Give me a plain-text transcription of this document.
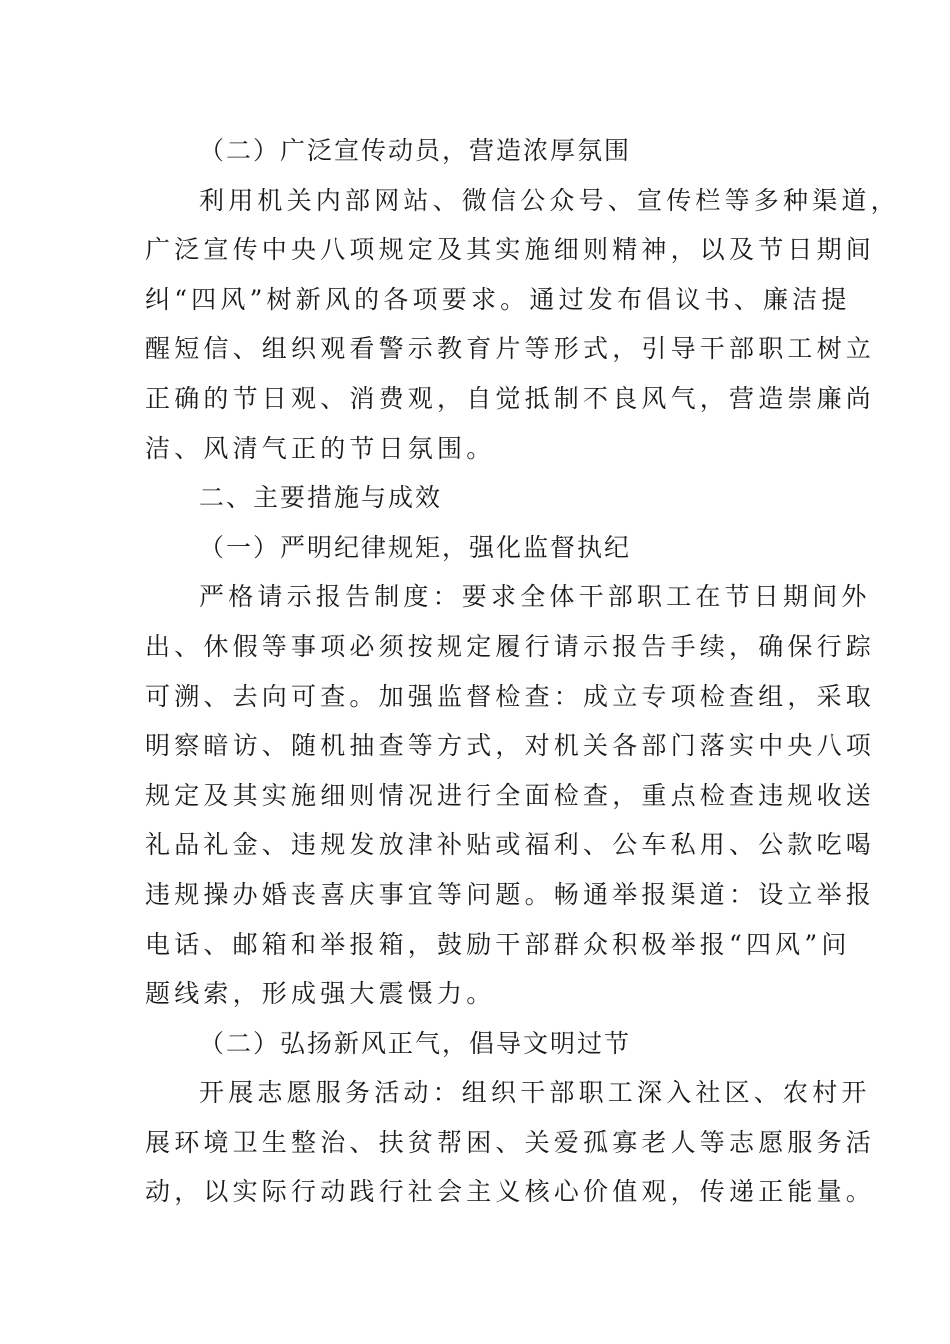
（二）广泛宣传动员，营造浓厚氛围
利用机关内部网站、微信公众号、宣传栏等多种渠道，
广泛宣传中央八项规定及其实施细则精神，以及节日期间
纠“四风”树新风的各项要求。通过发布倡议书、廉洁提
醒短信、组织观看警示教育片等形式，引导干部职工树立
正确的节日观、消费观，自觉抵制不良风气，营造崇廉尚
洁、风清气正的节日氛围。
二、主要措施与成效
（一）严明纪律规矩，强化监督执纪
严格请示报告制度：要求全体干部职工在节日期间外
出、休假等事项必须按规定履行请示报告手续，确保行踪
可溯、去向可查。加强监督检查：成立专项检查组，采取
明察暗访、随机抽查等方式，对机关各部门落实中央八项
规定及其实施细则情况进行全面检查，重点检查违规收送
礼品礼金、违规发放津补贴或福利、公车私用、公款吃喝
违规操办婚丧喜庆事宜等问题。畅通举报渠道：设立举报
电话、邮箱和举报箱，鼓励干部群众积极举报“四风”问
题线索，形成强大震慑力。
（二）弘扬新风正气，倡导文明过节
开展志愿服务活动：组织干部职工深入社区、农村开
展环境卫生整治、扶贫帮困、关爱孤寡老人等志愿服务活
动，以实际行动践行社会主义核心价值观，传递正能量。
